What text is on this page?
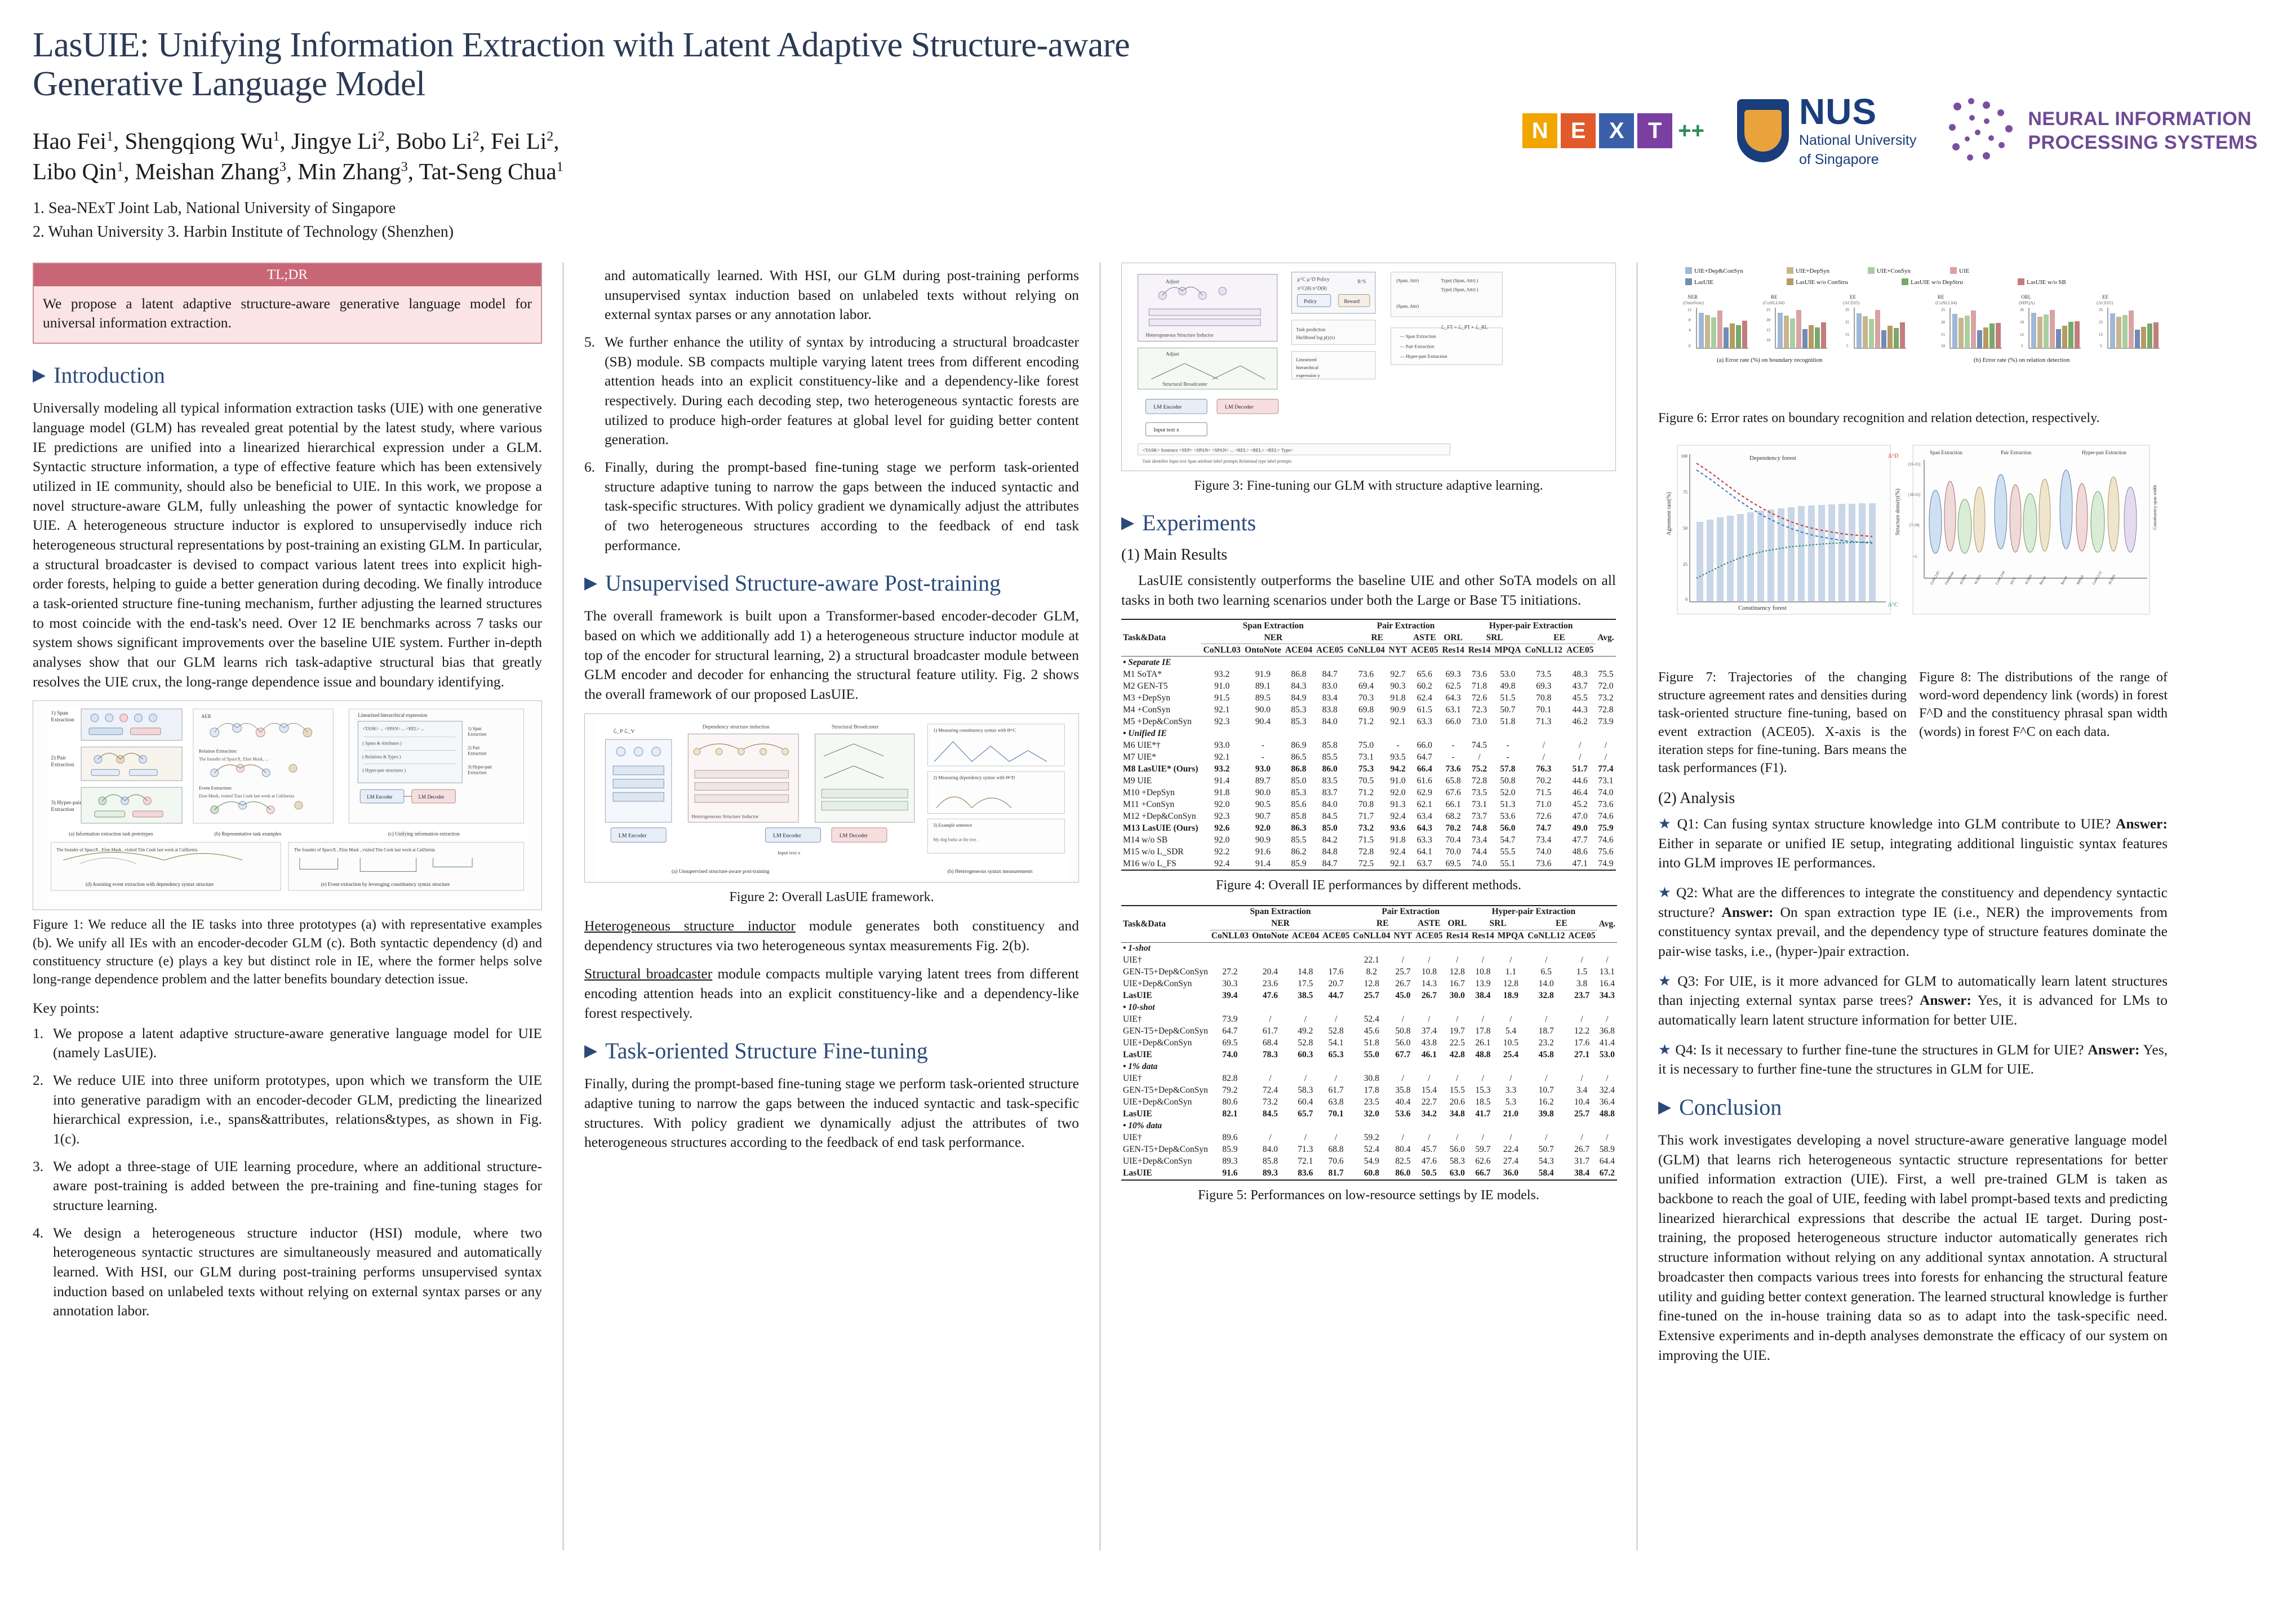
LasUIE: Unifying Information Extraction with Latent Adaptive Structure-aware Generative Language Model
Hao Fei$^1$, Shengqiong Wu$^1$, Jingye Li$^2$, Bobo Li$^2$, Fei Li$^2$,
Libo Qin$^1$, Meishan Zhang$^3$, Min Zhang$^3$, Tat-Seng Chua$^1$
1. Sea-NExT Joint Lab, National University of Singapore
2. Wuhan University 3. Harbin Institute of Technology (Shenzhen)
N	E	X	T ++	NUS
National University
of Singapore
NEURAL INFORMATION
PROCESSING SYSTEMS
TL;DR
We propose a latent adaptive structure-aware generative language model for universal information extraction.
▶ Introduction

Universally modeling all typical information extraction tasks (UIE) with one generative language model (GLM) has revealed great potential by the latest study, where various IE predictions are unified into a linearized hierarchical expression under a GLM. Syntactic structure information, a type of effective feature which has been extensively utilized in IE community, should also be beneficial to UIE. In this work, we propose a novel structure-aware GLM, fully unleashing the power of syntactic knowledge for UIE. A heterogeneous structure inductor is explored to unsupervisedly induce rich heterogeneous structural representations by post-training an existing GLM. In particular, a structural broadcaster is devised to compact various latent trees into explicit high-order forests, helping to guide a better generation during decoding. We finally introduce a task-oriented structure fine-tuning mechanism, further adjusting the learned structures to most coincide with the end-task's need. Over 12 IE benchmarks across 7 tasks our system shows significant improvements over the baseline UIE system. Further in-depth analyses show that our GLM learns rich task-adaptive structural bias that greatly resolves the UIE crux, the long-range dependence issue and boundary identifying.

1) Span
Extraction
2) Pair
Extraction
3) Hyper-pair
Extraction
(a) Information extraction task prototypes
AER
Relation Extraction:
The founder of SpaceX, Elon Musk, ...
Event Extraction:
Elon Musk, visited Tian Cook last week at California
(b) Representative task examples
Linearized hierarchical expression
<TASK> ... <SPAN> ... <REL> ...
( Spans & Attributes )
( Relations & Types )
( Hyper-pair structures )
1) Span
Extraction
2) Pair
Extraction
3) Hyper-pair
Extraction
LM Encoder	LM Decoder
(c) Unifying information extraction
The founder of SpaceX , Elon Musk , visited Tim Cook last week at California
(d) Assisting event extraction with dependency syntax structure
The founder of SpaceX , Elon Musk , visited Tim Cook last week at California
(e) Event extraction by leveraging constituency syntax structure

Figure 1: We reduce all the IE tasks into three prototypes (a) with representative examples (b). We unify all IEs with an encoder-decoder GLM (c). Both syntactic dependency (d) and constituency structure (e) plays a key but distinct role in IE, where the former helps solve long-range dependence problem and the latter benefits boundary detection issue.

Key points:

1. We propose a latent adaptive structure-aware generative language model for UIE (namely LasUIE).
2. We reduce UIE into three uniform prototypes, upon which we transform the UIE into generative paradigm with an encoder-decoder GLM, predicting the linearized hierarchical expression, i.e., spans&attributes, relations&types, as shown in Fig. 1(c).
3. We adopt a three-stage of UIE learning procedure, where an additional structure-aware post-training is added between the pre-training and fine-tuning stages for structure learning.
4. We design a heterogeneous structure inductor (HSI) module, where two heterogeneous syntactic structures are simultaneously measured and automatically learned. With HSI, our GLM during post-training performs unsupervised syntax induction based on unlabeled texts without relying on external syntax parses or any annotation labor.

and automatically learned. With HSI, our GLM during post-training performs unsupervised syntax induction based on unlabeled texts without relying on external syntax parses or any annotation labor.
5. We further enhance the utility of syntax by introducing a structural broadcaster (SB) module. SB compacts multiple varying latent trees from different encoding attention heads into an explicit constituency-like and a dependency-like forest respectively. During each decoding step, two heterogeneous syntactic forests are utilized to produce high-order features at global level for guiding better content generation.
6. Finally, during the prompt-based fine-tuning stage we perform task-oriented structure adaptive tuning to narrow the gaps between the induced syntactic and task-specific structures. With policy gradient we dynamically adjust the attributes of two heterogeneous structures according to the feedback of end task performance.
▶ Unsupervised Structure-aware Post-training

The overall framework is built upon a Transformer-based encoder-decoder GLM, based on which we additionally add 1) a heterogeneous structure inductor module at top of the encoder for structural learning, 2) a structural broadcaster module between GLM encoder and decoder for enhancing the structural feature utility. Fig. 2 shows the overall framework of our proposed LasUIE.

ℒ_P ℒ_V
LM Encoder
Dependency structure induction
Heterogeneous Structure Inductor
Structural Broadcaster
LM Decoder
LM Encoder
Input text x
1) Measuring constituency syntax with Θ^C
2) Measuring dependency syntax with Θ^D
3) Example sentence
My dog barks at the tree .
(a) Unsupervised structure-aware post-training	(b) Heterogeneous syntax measurements

Figure 2: Overall LasUIE framework.

Heterogeneous structure inductor module generates both constituency and dependency structures via two heterogeneous syntax measurements Fig. 2(b).

Structural broadcaster module compacts multiple varying latent trees from different encoding attention heads into an explicit constituency-like and a dependency-like forest respectively.

▶ Task-oriented Structure Fine-tuning

Finally, during the prompt-based fine-tuning stage we perform task-oriented structure adaptive tuning to narrow the gaps between the induced syntactic and task-specific structures. With policy gradient we dynamically adjust the attributes of two heterogeneous structures according to the feedback of end task performance.

Adjust
Heterogeneous Structure Inductor
Adjust
Structural Broadcaster
LM Encoder	LM Decoder
Input text x
<TASK> Sentence <SEP> <SPAN> <SPAN> ... <REL> <REL> <REL> Type>
Task identifier Input text Span attribute label prompts Relational type label prompts
μ^C μ^D Policy
π^C(θ) π^D(θ)
Policy	Reward
R^S
Task prediction
likelihood log p(y|x)
Linearized
hierarchical
expression y
(Span, Attr)	Type( (Span, Attr) )
Type( (Span, Attr) )
(Span, Attr)
— Span Extraction
— Pair Extraction
— Hyper-pair Extraction
ℒ_FT = ℒ_PT + ℒ_RL

Figure 3: Fine-tuning our GLM with structure adaptive learning.

▶ Experiments
(1) Main Results

LasUIE consistently outperforms the baseline UIE and other SoTA models on all tasks in both two learning scenarios under both the Large or Base T5 initiations.

Task&Data	Span Extraction				Pair Extraction				Hyper-pair Extraction				Avg.
	NER				RE		ASTE	ORL	SRL		EE		
	CoNLL03	OntoNote	ACE04	ACE05	CoNLL04	NYT	ACE05	Res14	Res14	MPQA	CoNLL12	ACE05	
• Separate IE													
M1 SoTA*	93.2	91.9	86.8	84.7	73.6	92.7	65.6	69.3	73.6	53.0	73.5	48.3	75.5
M2 GEN-T5	91.0	89.1	84.3	83.0	69.4	90.3	60.2	62.5	71.8	49.8	69.3	43.7	72.0
M3 +DepSyn	91.5	89.5	84.9	83.4	70.3	91.8	62.4	64.3	72.6	51.5	70.8	45.5	73.2
M4 +ConSyn	92.1	90.0	85.3	83.8	69.8	90.9	61.5	63.1	72.3	50.7	70.1	44.3	72.8
M5 +Dep&ConSyn	92.3	90.4	85.3	84.0	71.2	92.1	63.3	66.0	73.0	51.8	71.3	46.2	73.9
• Unified IE													
M6 UIE*†	93.0	-	86.9	85.8	75.0	-	66.0	-	74.5	-	/	/	/
M7 UIE*	92.1	-	86.5	85.5	73.1	93.5	64.7	-	/	-	/	/	/
M8 LasUIE* (Ours)	93.2	93.0	86.8	86.0	75.3	94.2	66.4	73.6	75.2	57.8	76.3	51.7	77.4
M9 UIE	91.4	89.7	85.0	83.5	70.5	91.0	61.6	65.8	72.8	50.8	70.2	44.6	73.1
M10 +DepSyn	91.8	90.0	85.3	83.7	71.2	92.0	62.9	67.6	73.5	52.0	71.5	46.4	74.0
M11 +ConSyn	92.0	90.5	85.6	84.0	70.8	91.3	62.1	66.1	73.1	51.3	71.0	45.2	73.6
M12 +Dep&ConSyn	92.3	90.7	85.8	84.5	71.7	92.4	63.4	68.2	73.7	53.6	72.6	47.0	74.6
M13 LasUIE (Ours)	92.6	92.0	86.3	85.0	73.2	93.6	64.3	70.2	74.8	56.0	74.7	49.0	75.9
M14 w/o SB	92.0	90.9	85.5	84.2	71.5	91.8	63.3	70.4	73.4	54.7	73.4	47.7	74.6
M15 w/o L_SDR	92.2	91.6	86.2	84.8	72.8	92.4	64.1	70.0	74.4	55.5	74.0	48.6	75.6
M16 w/o L_FS	92.4	91.4	85.9	84.7	72.5	92.1	63.7	69.5	74.0	55.1	73.6	47.1	74.9

Figure 4: Overall IE performances by different methods.

Task&Data	Span Extraction				Pair Extraction				Hyper-pair Extraction				Avg.
	NER				RE		ASTE	ORL	SRL		EE		
	CoNLL03	OntoNote	ACE04	ACE05	CoNLL04	NYT	ACE05	Res14	Res14	MPQA	CoNLL12	ACE05	
• 1-shot													
UIE†					22.1	/	/	/	/	/	/	/	/
GEN-T5+Dep&ConSyn	27.2	20.4	14.8	17.6	8.2	25.7	10.8	12.8	10.8	1.1	6.5	1.5	13.1
UIE+Dep&ConSyn	30.3	23.6	17.5	20.7	12.8	26.7	14.3	16.7	13.9	12.8	14.0	3.8	16.4
LasUIE	39.4	47.6	38.5	44.7	25.7	45.0	26.7	30.0	38.4	18.9	32.8	23.7	34.3
• 10-shot													
UIE†	73.9	/	/	/	52.4	/	/	/	/	/	/	/	/
GEN-T5+Dep&ConSyn	64.7	61.7	49.2	52.8	45.6	50.8	37.4	19.7	17.8	5.4	18.7	12.2	36.8
UIE+Dep&ConSyn	69.5	68.4	52.8	54.1	51.8	56.0	43.8	22.5	26.1	10.5	23.2	17.6	41.4
LasUIE	74.0	78.3	60.3	65.3	55.0	67.7	46.1	42.8	48.8	25.4	45.8	27.1	53.0
• 1% data													
UIE†	82.8	/	/	/	30.8	/	/	/	/	/	/	/	/
GEN-T5+Dep&ConSyn	79.2	72.4	58.3	61.7	17.8	35.8	15.4	15.5	15.3	3.3	10.7	3.4	32.4
UIE+Dep&ConSyn	80.6	73.2	60.4	63.8	23.5	40.4	22.7	20.6	18.5	5.3	16.2	10.4	36.4
LasUIE	82.1	84.5	65.7	70.1	32.0	53.6	34.2	34.8	41.7	21.0	39.8	25.7	48.8
• 10% data													
UIE†	89.6	/	/	/	59.2	/	/	/	/	/	/	/	/
GEN-T5+Dep&ConSyn	85.9	84.0	71.3	68.8	52.4	80.4	45.7	56.0	59.7	22.4	50.7	26.7	58.9
UIE+Dep&ConSyn	89.3	85.8	72.1	70.6	54.9	82.5	47.6	58.3	62.6	27.4	54.3	31.7	64.4
LasUIE	91.6	89.3	83.6	81.7	60.8	86.0	50.5	63.0	66.7	36.0	58.4	38.4	67.2

Figure 5: Performances on low-resource settings by IE models.

UIE+Dep&ConSyn	UIE+DepSyn	UIE+ConSyn	UIE
LasUIE	LasUIE w/o ConStru	LasUIE w/o DepStru	LasUIE w/o SB
NER
(OntoNote)
12
8
4
0
RE
(CoNLL04)
25
20
15
10
EE
(ACE05)
35
25
15
5
RE
(CoNLL04)
25
20
15
10
ORL
(MPQA)
26
19
12
5
EE
(ACE05)
35
25
15
5
(a) Error rate (%) on boundary recognition	(b) Error rate (%) on relation detection

Figure 6: Error rates on boundary recognition and relation detection, respectively.

Agreement rate(%)
Dependency forest
Constituency forest
100
75
50
25
0
Δ^D
Δ^C
Structure density(%)
Span Extraction	Pair Extraction	Hyper-pair Extraction
[15-15]
[10-15]
[7-10]
<5
CoNLL03 OntoNote ACE04 ACE05	CoNLL04 NYT ACE05 Res14	Res14 MPQA CoNLL12 ACE05
Constituency span width

Figure 7: Trajectories of the changing structure agreement rates and densities during task-oriented structure fine-tuning, based on event extraction (ACE05). X-axis is the iteration steps for fine-tuning. Bars means the task performances (F1).

Figure 8: The distributions of the range of word-word dependency link (words) in forest F^D and the constituency phrasal span width (words) in forest F^C on each data.

(2) Analysis

★ Q1: Can fusing syntax structure knowledge into GLM contribute to UIE? Answer: Either in separate or unified IE setup, integrating additional linguistic syntax features into GLM improves IE performances.

★ Q2: What are the differences to integrate the constituency and dependency syntactic structure? Answer: On span extraction type IE (i.e., NER) the improvements from constituency syntax prevail, and the dependency type of structure features dominate the pair-wise tasks, i.e., (hyper-)pair extraction.

★ Q3: For UIE, is it more advanced for GLM to automatically learn latent structures than injecting external syntax parse trees? Answer: Yes, it is advanced for LMs to automatically learn latent structure information for better UIE.

★ Q4: Is it necessary to further fine-tune the structures in GLM for UIE? Answer: Yes, it is necessary to further fine-tune the structures in GLM for UIE.

▶ Conclusion

This work investigates developing a novel structure-aware generative language model (GLM) that learns rich heterogeneous syntactic structure representations for better unified information extraction (UIE). First, a well pre-trained GLM is taken as backbone to reach the goal of UIE, feeding with label prompt-based texts and predicting linearized hierarchical expressions that describe the actual IE target. During post-training, the proposed heterogeneous structure inductor automatically generates rich structure information without relying on any additional syntax annotation. A structural broadcaster then compacts various trees into forests for enhancing the structural feature utility and guiding better context generation. The learned structural knowledge is further fine-tuned on the in-house training data so as to adapt into the task-specific need. Extensive experiments and in-depth analyses demonstrate the efficacy of our system on improving the UIE.
